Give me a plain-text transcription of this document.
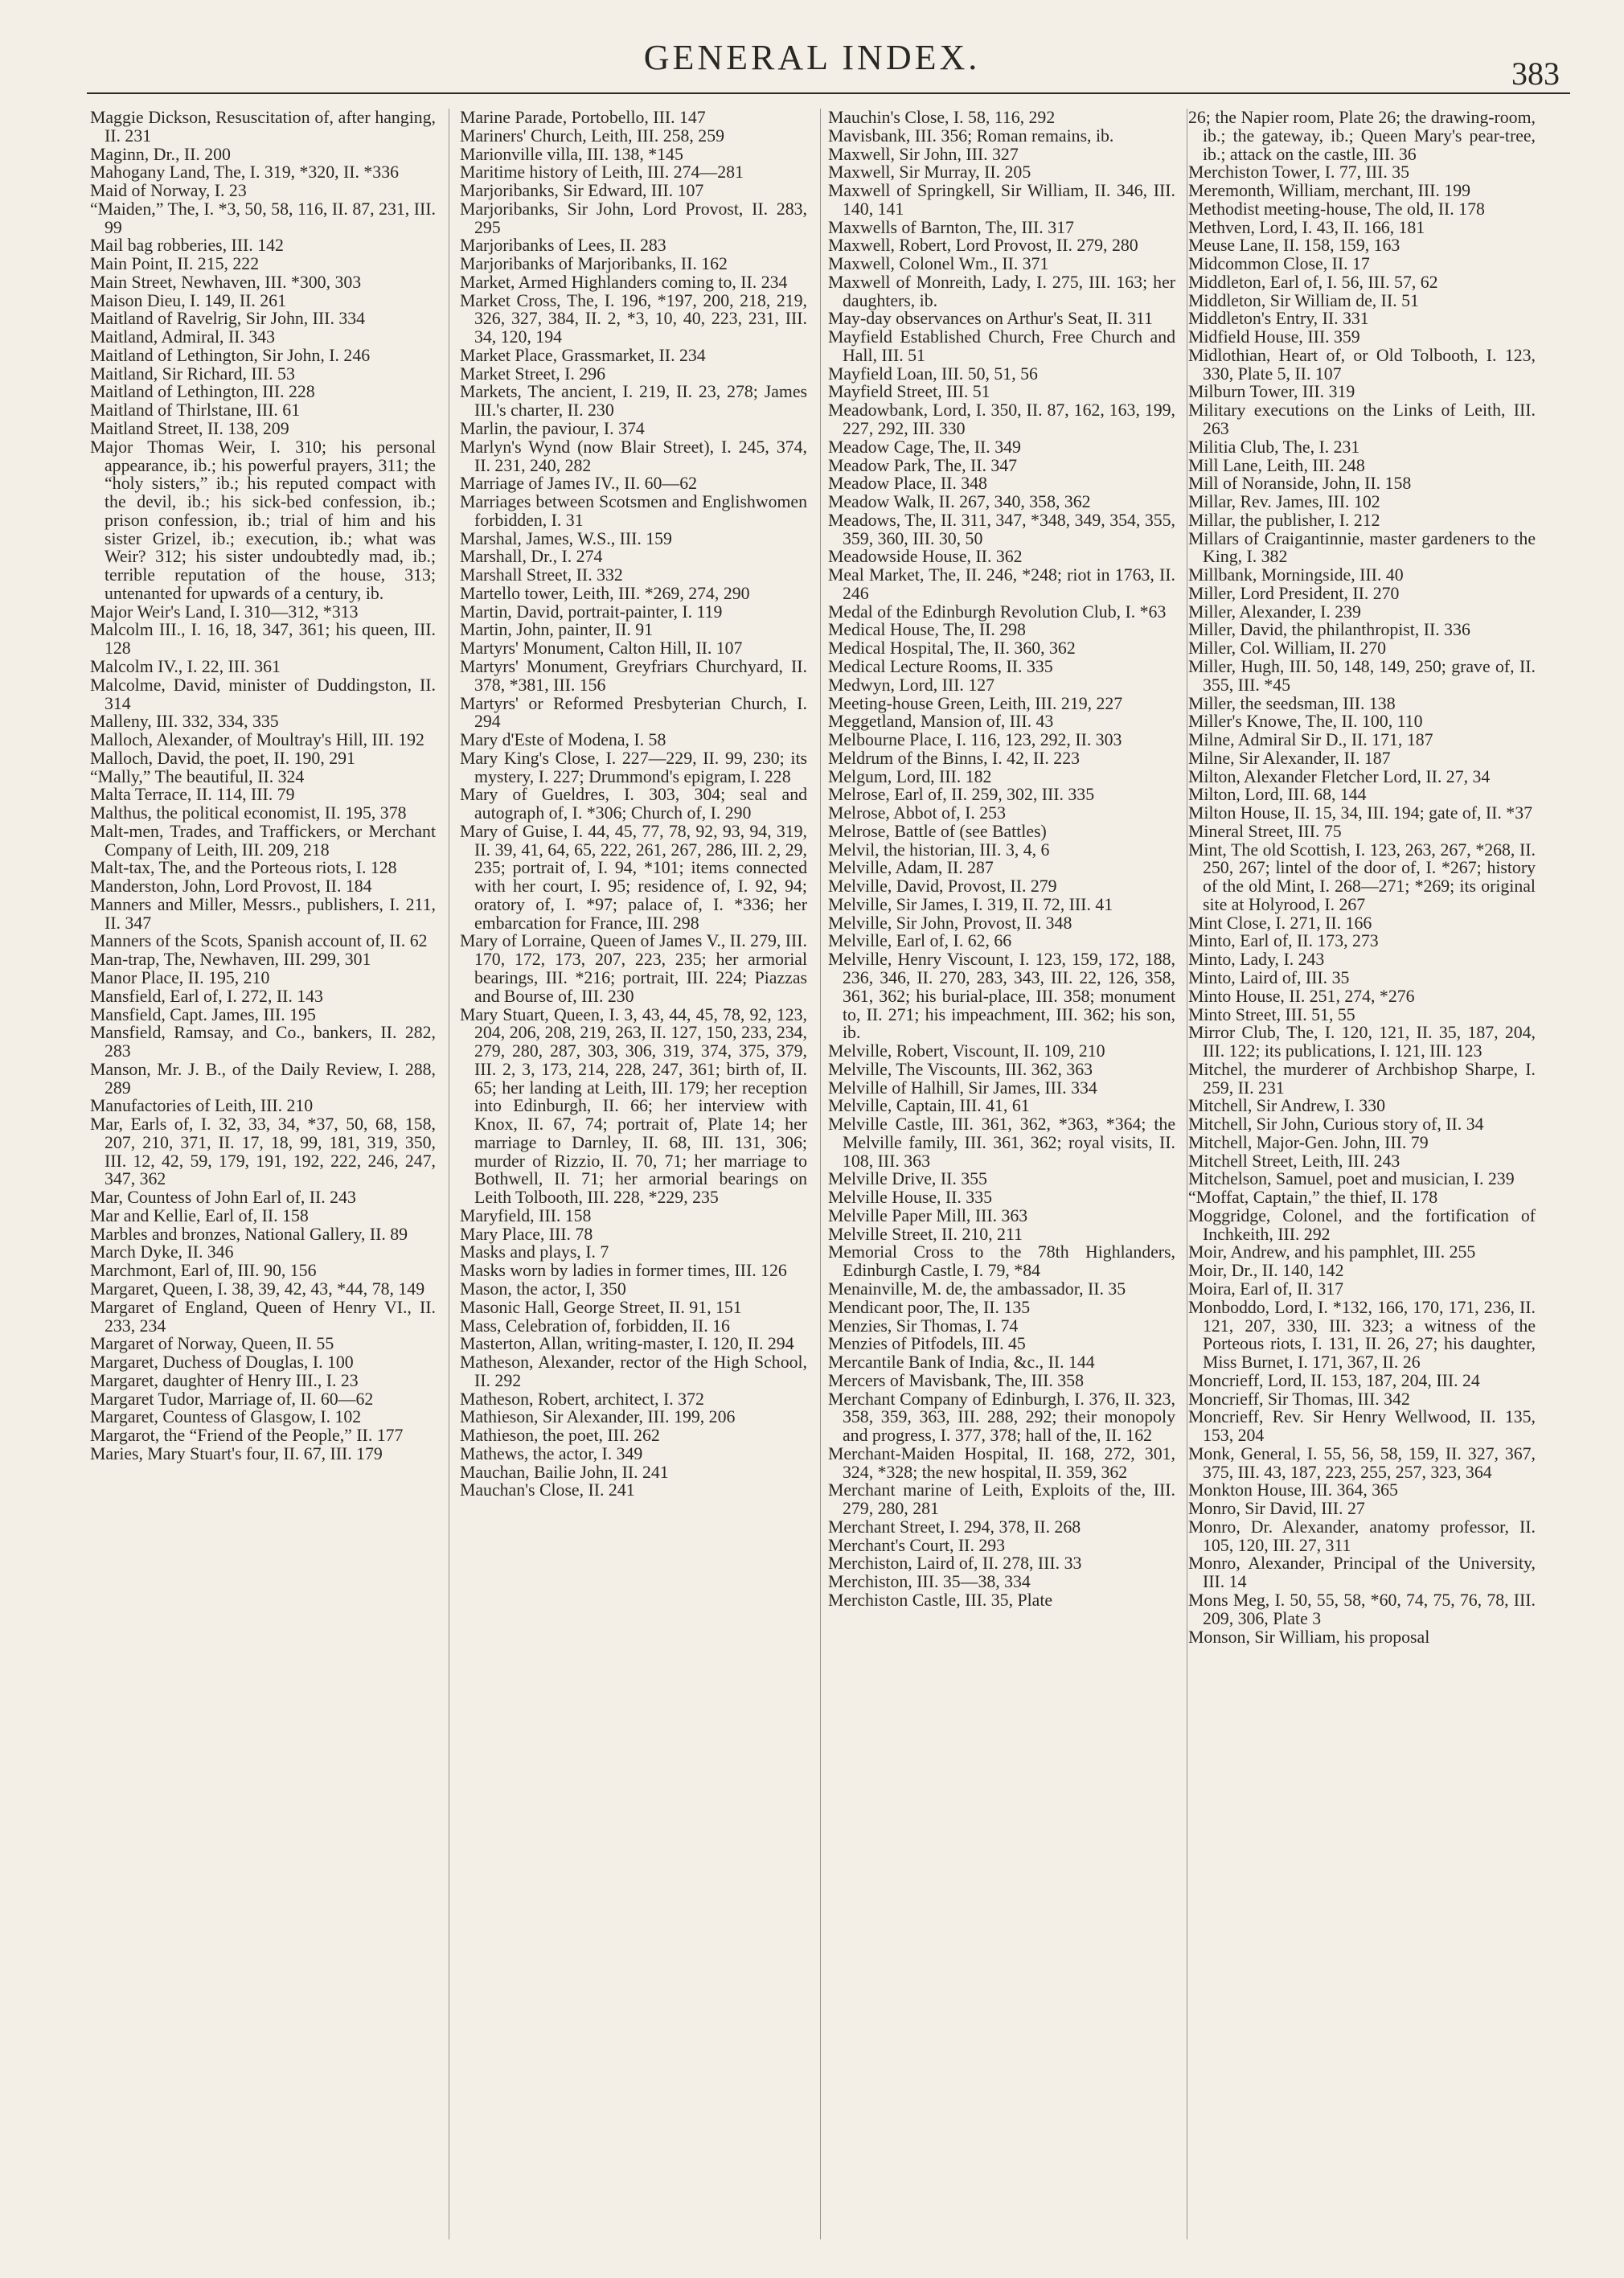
GENERAL INDEX.	383

Maggie Dickson, Resuscitation of, after hanging, II. 231

Maginn, Dr., II. 200

Mahogany Land, The, I. 319, *320, II. *336

Maid of Norway, I. 23

“Maiden,” The, I. *3, 50, 58, 116, II. 87, 231, III. 99

Mail bag robberies, III. 142

Main Point, II. 215, 222

Main Street, Newhaven, III. *300, 303

Maison Dieu, I. 149, II. 261

Maitland of Ravelrig, Sir John, III. 334

Maitland, Admiral, II. 343

Maitland of Lethington, Sir John, I. 246

Maitland, Sir Richard, III. 53

Maitland of Lethington, III. 228

Maitland of Thirlstane, III. 61

Maitland Street, II. 138, 209

Major Thomas Weir, I. 310; his personal appearance, ib.; his powerful prayers, 311; the “holy sisters,” ib.; his reputed compact with the devil, ib.; his sick-bed confession, ib.; prison confession, ib.; trial of him and his sister Grizel, ib.; execution, ib.; what was Weir? 312; his sister undoubtedly mad, ib.; terrible reputation of the house, 313; untenanted for upwards of a century, ib.

Major Weir's Land, I. 310—312, *313

Malcolm III., I. 16, 18, 347, 361; his queen, III. 128

Malcolm IV., I. 22, III. 361

Malcolme, David, minister of Duddingston, II. 314

Malleny, III. 332, 334, 335

Malloch, Alexander, of Moultray's Hill, III. 192

Malloch, David, the poet, II. 190, 291

“Mally,” The beautiful, II. 324

Malta Terrace, II. 114, III. 79

Malthus, the political economist, II. 195, 378

Malt-men, Trades, and Traffickers, or Merchant Company of Leith, III. 209, 218

Malt-tax, The, and the Porteous riots, I. 128

Manderston, John, Lord Provost, II. 184

Manners and Miller, Messrs., publishers, I. 211, II. 347

Manners of the Scots, Spanish account of, II. 62

Man-trap, The, Newhaven, III. 299, 301

Manor Place, II. 195, 210

Mansfield, Earl of, I. 272, II. 143

Mansfield, Capt. James, III. 195

Mansfield, Ramsay, and Co., bankers, II. 282, 283

Manson, Mr. J. B., of the Daily Review, I. 288, 289

Manufactories of Leith, III. 210

Mar, Earls of, I. 32, 33, 34, *37, 50, 68, 158, 207, 210, 371, II. 17, 18, 99, 181, 319, 350, III. 12, 42, 59, 179, 191, 192, 222, 246, 247, 347, 362

Mar, Countess of John Earl of, II. 243

Mar and Kellie, Earl of, II. 158

Marbles and bronzes, National Gallery, II. 89

March Dyke, II. 346

Marchmont, Earl of, III. 90, 156

Margaret, Queen, I. 38, 39, 42, 43, *44, 78, 149

Margaret of England, Queen of Henry VI., II. 233, 234

Margaret of Norway, Queen, II. 55

Margaret, Duchess of Douglas, I. 100

Margaret, daughter of Henry III., I. 23

Margaret Tudor, Marriage of, II. 60—62

Margaret, Countess of Glasgow, I. 102

Margarot, the “Friend of the People,” II. 177

Maries, Mary Stuart's four, II. 67, III. 179

Marine Parade, Portobello, III. 147

Mariners' Church, Leith, III. 258, 259

Marionville villa, III. 138, *145

Maritime history of Leith, III. 274—281

Marjoribanks, Sir Edward, III. 107

Marjoribanks, Sir John, Lord Provost, II. 283, 295

Marjoribanks of Lees, II. 283

Marjoribanks of Marjoribanks, II. 162

Market, Armed Highlanders coming to, II. 234

Market Cross, The, I. 196, *197, 200, 218, 219, 326, 327, 384, II. 2, *3, 10, 40, 223, 231, III. 34, 120, 194

Market Place, Grassmarket, II. 234

Market Street, I. 296

Markets, The ancient, I. 219, II. 23, 278; James III.'s charter, II. 230

Marlin, the paviour, I. 374

Marlyn's Wynd (now Blair Street), I. 245, 374, II. 231, 240, 282

Marriage of James IV., II. 60—62

Marriages between Scotsmen and Englishwomen forbidden, I. 31

Marshal, James, W.S., III. 159

Marshall, Dr., I. 274

Marshall Street, II. 332

Martello tower, Leith, III. *269, 274, 290

Martin, David, portrait-painter, I. 119

Martin, John, painter, II. 91

Martyrs' Monument, Calton Hill, II. 107

Martyrs' Monument, Greyfriars Churchyard, II. 378, *381, III. 156

Martyrs' or Reformed Presbyterian Church, I. 294

Mary d'Este of Modena, I. 58

Mary King's Close, I. 227—229, II. 99, 230; its mystery, I. 227; Drummond's epigram, I. 228

Mary of Gueldres, I. 303, 304; seal and autograph of, I. *306; Church of, I. 290

Mary of Guise, I. 44, 45, 77, 78, 92, 93, 94, 319, II. 39, 41, 64, 65, 222, 261, 267, 286, III. 2, 29, 235; portrait of, I. 94, *101; items connected with her court, I. 95; residence of, I. 92, 94; oratory of, I. *97; palace of, I. *336; her embarcation for France, III. 298

Mary of Lorraine, Queen of James V., II. 279, III. 170, 172, 173, 207, 223, 235; her armorial bearings, III. *216; portrait, III. 224; Piazzas and Bourse of, III. 230

Mary Stuart, Queen, I. 3, 43, 44, 45, 78, 92, 123, 204, 206, 208, 219, 263, II. 127, 150, 233, 234, 279, 280, 287, 303, 306, 319, 374, 375, 379, III. 2, 3, 173, 214, 228, 247, 361; birth of, II. 65; her landing at Leith, III. 179; her reception into Edinburgh, II. 66; her interview with Knox, II. 67, 74; portrait of, Plate 14; her marriage to Darnley, II. 68, III. 131, 306; murder of Rizzio, II. 70, 71; her marriage to Bothwell, II. 71; her armorial bearings on Leith Tolbooth, III. 228, *229, 235

Maryfield, III. 158

Mary Place, III. 78

Masks and plays, I. 7

Masks worn by ladies in former times, III. 126

Mason, the actor, I, 350

Masonic Hall, George Street, II. 91, 151

Mass, Celebration of, forbidden, II. 16

Masterton, Allan, writing-master, I. 120, II. 294

Matheson, Alexander, rector of the High School, II. 292

Matheson, Robert, architect, I. 372

Mathieson, Sir Alexander, III. 199, 206

Mathieson, the poet, III. 262

Mathews, the actor, I. 349

Mauchan, Bailie John, II. 241

Mauchan's Close, II. 241

Mauchin's Close, I. 58, 116, 292

Mavisbank, III. 356; Roman remains, ib.

Maxwell, Sir John, III. 327

Maxwell, Sir Murray, II. 205

Maxwell of Springkell, Sir William, II. 346, III. 140, 141

Maxwells of Barnton, The, III. 317

Maxwell, Robert, Lord Provost, II. 279, 280

Maxwell, Colonel Wm., II. 371

Maxwell of Monreith, Lady, I. 275, III. 163; her daughters, ib.

May-day observances on Arthur's Seat, II. 311

Mayfield Established Church, Free Church and Hall, III. 51

Mayfield Loan, III. 50, 51, 56

Mayfield Street, III. 51

Meadowbank, Lord, I. 350, II. 87, 162, 163, 199, 227, 292, III. 330

Meadow Cage, The, II. 349

Meadow Park, The, II. 347

Meadow Place, II. 348

Meadow Walk, II. 267, 340, 358, 362

Meadows, The, II. 311, 347, *348, 349, 354, 355, 359, 360, III. 30, 50

Meadowside House, II. 362

Meal Market, The, II. 246, *248; riot in 1763, II. 246

Medal of the Edinburgh Revolution Club, I. *63

Medical House, The, II. 298

Medical Hospital, The, II. 360, 362

Medical Lecture Rooms, II. 335

Medwyn, Lord, III. 127

Meeting-house Green, Leith, III. 219, 227

Meggetland, Mansion of, III. 43

Melbourne Place, I. 116, 123, 292, II. 303

Meldrum of the Binns, I. 42, II. 223

Melgum, Lord, III. 182

Melrose, Earl of, II. 259, 302, III. 335

Melrose, Abbot of, I. 253

Melrose, Battle of (see Battles)

Melvil, the historian, III. 3, 4, 6

Melville, Adam, II. 287

Melville, David, Provost, II. 279

Melville, Sir James, I. 319, II. 72, III. 41

Melville, Sir John, Provost, II. 348

Melville, Earl of, I. 62, 66

Melville, Henry Viscount, I. 123, 159, 172, 188, 236, 346, II. 270, 283, 343, III. 22, 126, 358, 361, 362; his burial-place, III. 358; monument to, II. 271; his impeachment, III. 362; his son, ib.

Melville, Robert, Viscount, II. 109, 210

Melville, The Viscounts, III. 362, 363

Melville of Halhill, Sir James, III. 334

Melville, Captain, III. 41, 61

Melville Castle, III. 361, 362, *363, *364; the Melville family, III. 361, 362; royal visits, II. 108, III. 363

Melville Drive, II. 355

Melville House, II. 335

Melville Paper Mill, III. 363

Melville Street, II. 210, 211

Memorial Cross to the 78th Highlanders, Edinburgh Castle, I. 79, *84

Menainville, M. de, the ambassador, II. 35

Mendicant poor, The, II. 135

Menzies, Sir Thomas, I. 74

Menzies of Pitfodels, III. 45

Mercantile Bank of India, &c., II. 144

Mercers of Mavisbank, The, III. 358

Merchant Company of Edinburgh, I. 376, II. 323, 358, 359, 363, III. 288, 292; their monopoly and progress, I. 377, 378; hall of the, II. 162

Merchant-Maiden Hospital, II. 168, 272, 301, 324, *328; the new hospital, II. 359, 362

Merchant marine of Leith, Exploits of the, III. 279, 280, 281

Merchant Street, I. 294, 378, II. 268

Merchant's Court, II. 293

Merchiston, Laird of, II. 278, III. 33

Merchiston, III. 35—38, 334

Merchiston Castle, III. 35, Plate

26; the Napier room, Plate 26; the drawing-room, ib.; the gateway, ib.; Queen Mary's pear-tree, ib.; attack on the castle, III. 36

Merchiston Tower, I. 77, III. 35

Meremonth, William, merchant, III. 199

Methodist meeting-house, The old, II. 178

Methven, Lord, I. 43, II. 166, 181

Meuse Lane, II. 158, 159, 163

Midcommon Close, II. 17

Middleton, Earl of, I. 56, III. 57, 62

Middleton, Sir William de, II. 51

Middleton's Entry, II. 331

Midfield House, III. 359

Midlothian, Heart of, or Old Tolbooth, I. 123, 330, Plate 5, II. 107

Milburn Tower, III. 319

Military executions on the Links of Leith, III. 263

Militia Club, The, I. 231

Mill Lane, Leith, III. 248

Mill of Noranside, John, II. 158

Millar, Rev. James, III. 102

Millar, the publisher, I. 212

Millars of Craigantinnie, master gardeners to the King, I. 382

Millbank, Morningside, III. 40

Miller, Lord President, II. 270

Miller, Alexander, I. 239

Miller, David, the philanthropist, II. 336

Miller, Col. William, II. 270

Miller, Hugh, III. 50, 148, 149, 250; grave of, II. 355, III. *45

Miller, the seedsman, III. 138

Miller's Knowe, The, II. 100, 110

Milne, Admiral Sir D., II. 171, 187

Milne, Sir Alexander, II. 187

Milton, Alexander Fletcher Lord, II. 27, 34

Milton, Lord, III. 68, 144

Milton House, II. 15, 34, III. 194; gate of, II. *37

Mineral Street, III. 75

Mint, The old Scottish, I. 123, 263, 267, *268, II. 250, 267; lintel of the door of, I. *267; history of the old Mint, I. 268—271; *269; its original site at Holyrood, I. 267

Mint Close, I. 271, II. 166

Minto, Earl of, II. 173, 273

Minto, Lady, I. 243

Minto, Laird of, III. 35

Minto House, II. 251, 274, *276

Minto Street, III. 51, 55

Mirror Club, The, I. 120, 121, II. 35, 187, 204, III. 122; its publications, I. 121, III. 123

Mitchel, the murderer of Archbishop Sharpe, I. 259, II. 231

Mitchell, Sir Andrew, I. 330

Mitchell, Sir John, Curious story of, II. 34

Mitchell, Major-Gen. John, III. 79

Mitchell Street, Leith, III. 243

Mitchelson, Samuel, poet and musician, I. 239

“Moffat, Captain,” the thief, II. 178

Moggridge, Colonel, and the fortification of Inchkeith, III. 292

Moir, Andrew, and his pamphlet, III. 255

Moir, Dr., II. 140, 142

Moira, Earl of, II. 317

Monboddo, Lord, I. *132, 166, 170, 171, 236, II. 121, 207, 330, III. 323; a witness of the Porteous riots, I. 131, II. 26, 27; his daughter, Miss Burnet, I. 171, 367, II. 26

Moncrieff, Lord, II. 153, 187, 204, III. 24

Moncrieff, Sir Thomas, III. 342

Moncrieff, Rev. Sir Henry Wellwood, II. 135, 153, 204

Monk, General, I. 55, 56, 58, 159, II. 327, 367, 375, III. 43, 187, 223, 255, 257, 323, 364

Monkton House, III. 364, 365

Monro, Sir David, III. 27

Monro, Dr. Alexander, anatomy professor, II. 105, 120, III. 27, 311

Monro, Alexander, Principal of the University, III. 14

Mons Meg, I. 50, 55, 58, *60, 74, 75, 76, 78, III. 209, 306, Plate 3

Monson, Sir William, his proposal
